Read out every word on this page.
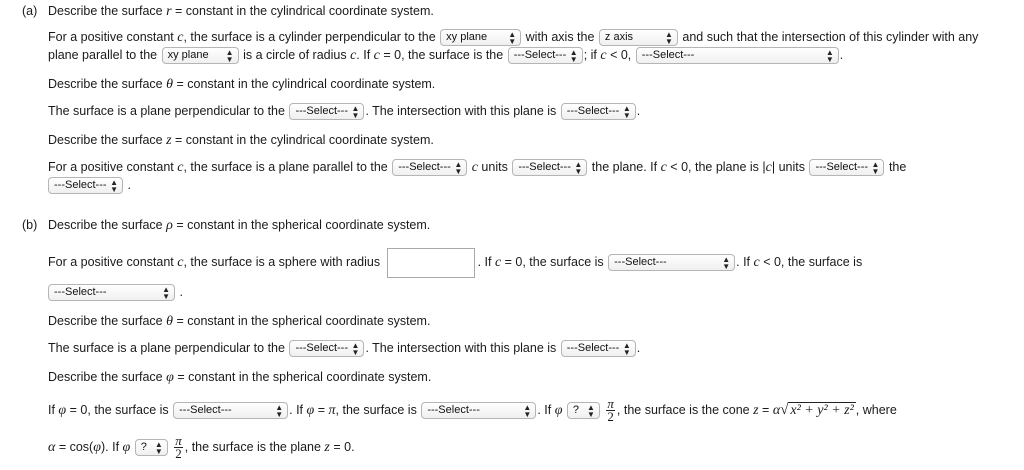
(a) Describe the surface r = constant in the cylindrical coordinate system.
For a positive constant c, the surface is a cylinder perpendicular to the xy plane	▲
▼ with axis the z axis	▲
▼ and such that the intersection of this cylinder with any
plane parallel to the xy plane ▲
▼ is a circle of radius c. If c = 0, the surface is the ---Select--- ▲
▼ ; if c < 0, ---Select---	▲
▼ .
Describe the surface θ = constant in the cylindrical coordinate system.
The surface is a plane perpendicular to the ---Select--- ▲
▼ . The intersection with this plane is ---Select--- ▲
▼ .
Describe the surface z = constant in the cylindrical coordinate system.
For a positive constant c, the surface is a plane parallel to the ---Select--- ▲
▼ c units ---Select--- ▲
▼ the plane. If c < 0, the plane is |c| units ---Select--- ▲
▼ the
---Select--- ▲
▼ .
(b) Describe the surface ρ = constant in the spherical coordinate system.
For a positive constant c, the surface is a sphere with radius	. If c = 0, the surface is ---Select---	▲
▼ . If c < 0, the surface is
---Select---	▲
▼ .
Describe the surface θ = constant in the spherical coordinate system.
The surface is a plane perpendicular to the ---Select--- ▲
▼ . The intersection with this plane is ---Select--- ▲
▼ .
Describe the surface φ = constant in the spherical coordinate system.
If φ = 0, the surface is ---Select---	▲
▼ . If φ = π, the surface is ---Select---	▲
▼ . If φ ? ▲
▼
$\frac{\pi}{2}$ , the surface is the cone z = α√ x² + y² + z² , where
α = cos(φ). If φ ? ▲
▼
$\frac{\pi}{2}$ , the surface is the plane z = 0.
